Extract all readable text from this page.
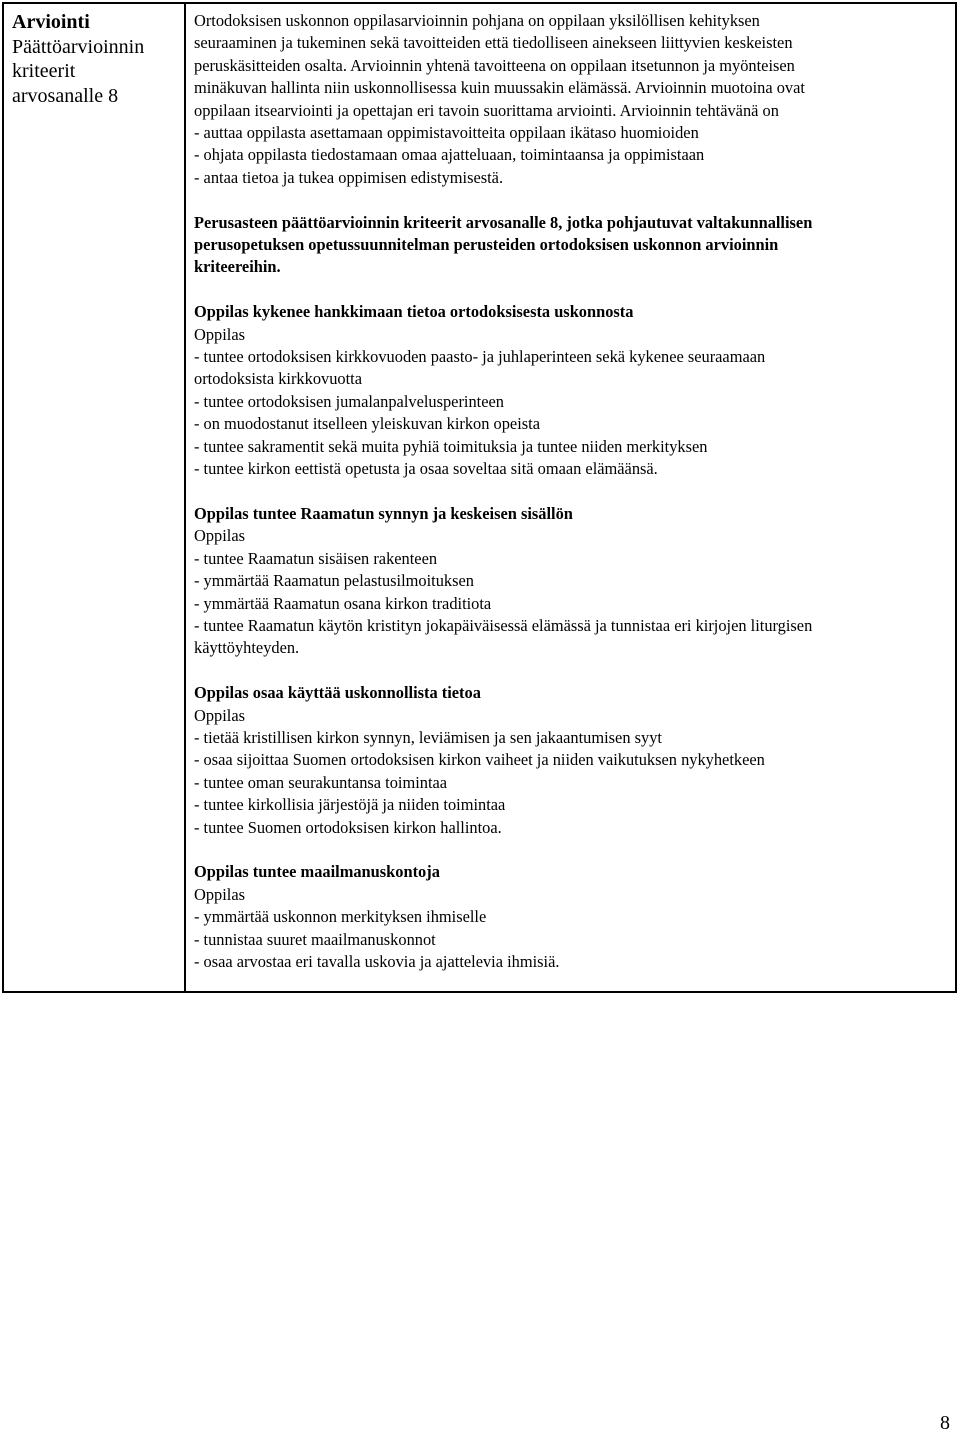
Arviointi
Päättöarvioinnin
kriteerit
arvosanalle 8
Ortodoksisen uskonnon oppilasarvioinnin pohjana on oppilaan yksilöllisen kehityksen
seuraaminen ja tukeminen sekä tavoitteiden että tiedolliseen ainekseen liittyvien keskeisten
peruskäsitteiden osalta. Arvioinnin yhtenä tavoitteena on oppilaan itsetunnon ja myönteisen
minäkuvan hallinta niin uskonnollisessa kuin muussakin elämässä. Arvioinnin muotoina ovat
oppilaan itsearviointi ja opettajan eri tavoin suorittama arviointi. Arvioinnin tehtävänä on
- auttaa oppilasta asettamaan oppimistavoitteita oppilaan ikätaso huomioiden
- ohjata oppilasta tiedostamaan omaa ajatteluaan, toimintaansa ja oppimistaan
- antaa tietoa ja tukea oppimisen edistymisestä.
Perusasteen päättöarvioinnin kriteerit arvosanalle 8, jotka pohjautuvat valtakunnallisen
perusopetuksen opetussuunnitelman perusteiden ortodoksisen uskonnon arvioinnin
kriteereihin.
Oppilas kykenee hankkimaan tietoa ortodoksisesta uskonnosta
Oppilas
- tuntee ortodoksisen kirkkovuoden paasto- ja juhlaperinteen sekä kykenee seuraamaan
ortodoksista kirkkovuotta
- tuntee ortodoksisen jumalanpalvelusperinteen
- on muodostanut itselleen yleiskuvan kirkon opeista
- tuntee sakramentit sekä muita pyhiä toimituksia ja tuntee niiden merkityksen
- tuntee kirkon eettistä opetusta ja osaa soveltaa sitä omaan elämäänsä.
Oppilas tuntee Raamatun synnyn ja keskeisen sisällön
Oppilas
- tuntee Raamatun sisäisen rakenteen
- ymmärtää Raamatun pelastusilmoituksen
- ymmärtää Raamatun osana kirkon traditiota
- tuntee Raamatun käytön kristityn jokapäiväisessä elämässä ja tunnistaa eri kirjojen liturgisen
käyttöyhteyden.
Oppilas osaa käyttää uskonnollista tietoa
Oppilas
- tietää kristillisen kirkon synnyn, leviämisen ja sen jakaantumisen syyt
- osaa sijoittaa Suomen ortodoksisen kirkon vaiheet ja niiden vaikutuksen nykyhetkeen
- tuntee oman seurakuntansa toimintaa
- tuntee kirkollisia järjestöjä ja niiden toimintaa
- tuntee Suomen ortodoksisen kirkon hallintoa.
Oppilas tuntee maailmanuskontoja
Oppilas
- ymmärtää uskonnon merkityksen ihmiselle
- tunnistaa suuret maailmanuskonnot
- osaa arvostaa eri tavalla uskovia ja ajattelevia ihmisiä.
8
